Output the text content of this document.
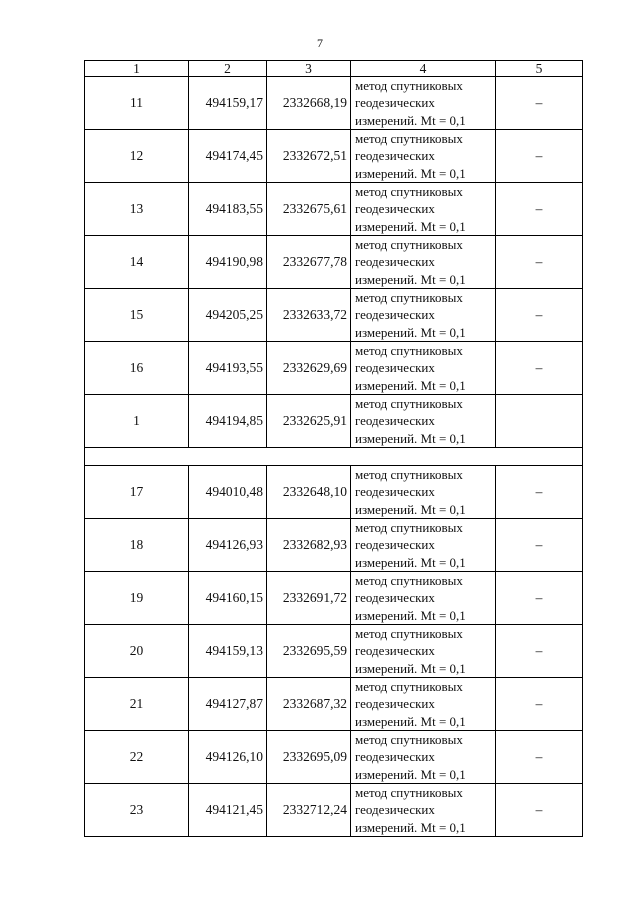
7
1	2	3	4	5
11	494159,17	2332668,19	метод спутниковых
геодезических
измерений. Mt = 0,1	–
12	494174,45	2332672,51	метод спутниковых
геодезических
измерений. Mt = 0,1	–
13	494183,55	2332675,61	метод спутниковых
геодезических
измерений. Mt = 0,1	–
14	494190,98	2332677,78	метод спутниковых
геодезических
измерений. Mt = 0,1	–
15	494205,25	2332633,72	метод спутниковых
геодезических
измерений. Mt = 0,1	–
16	494193,55	2332629,69	метод спутниковых
геодезических
измерений. Mt = 0,1	–
1	494194,85	2332625,91	метод спутниковых
геодезических
измерений. Mt = 0,1	

17	494010,48	2332648,10	метод спутниковых
геодезических
измерений. Mt = 0,1	–
18	494126,93	2332682,93	метод спутниковых
геодезических
измерений. Mt = 0,1	–
19	494160,15	2332691,72	метод спутниковых
геодезических
измерений. Mt = 0,1	–
20	494159,13	2332695,59	метод спутниковых
геодезических
измерений. Mt = 0,1	–
21	494127,87	2332687,32	метод спутниковых
геодезических
измерений. Mt = 0,1	–
22	494126,10	2332695,09	метод спутниковых
геодезических
измерений. Mt = 0,1	–
23	494121,45	2332712,24	метод спутниковых
геодезических
измерений. Mt = 0,1	–
